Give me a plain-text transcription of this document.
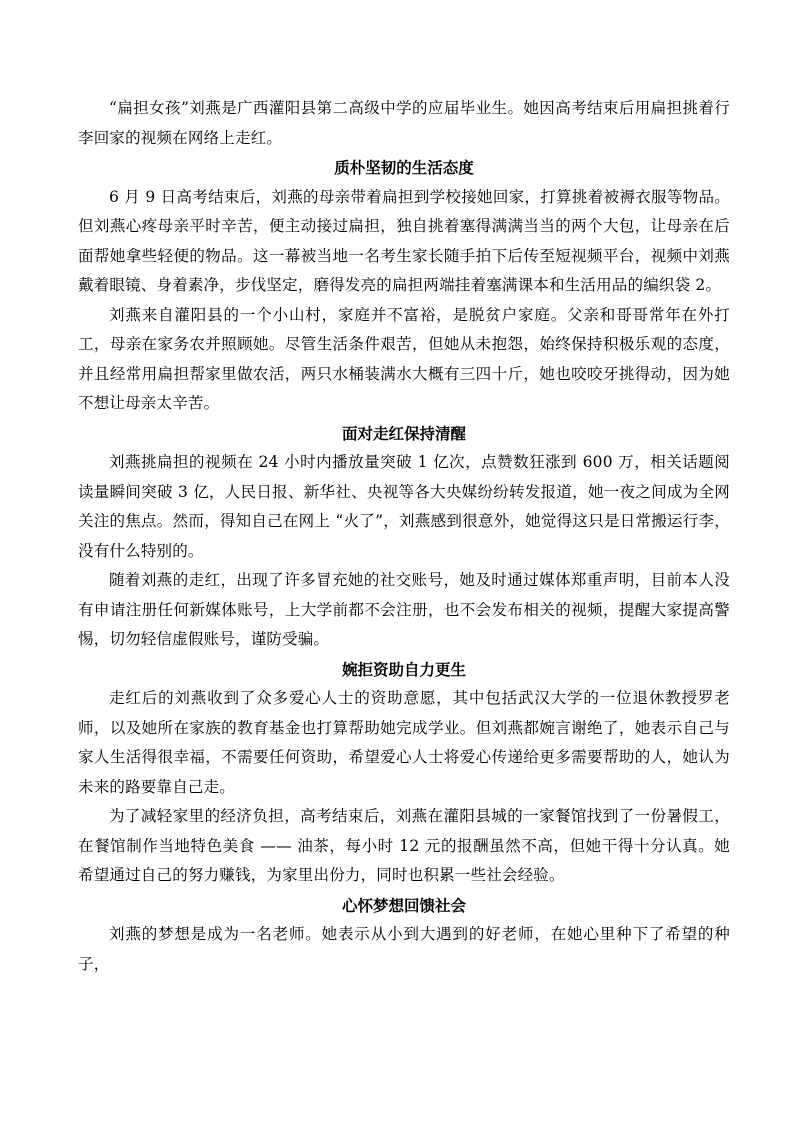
“扁担女孩”刘燕是广西灌阳县第二高级中学的应届毕业生。她因高考结束后用扁担挑着行李回家的视频在网络上走红。

质朴坚韧的生活态度

6 月 9 日高考结束后，刘燕的母亲带着扁担到学校接她回家，打算挑着被褥衣服等物品。但刘燕心疼母亲平时辛苦，便主动接过扁担，独自挑着塞得满满当当的两个大包，让母亲在后面帮她拿些轻便的物品。这一幕被当地一名考生家长随手拍下后传至短视频平台，视频中刘燕戴着眼镜、身着素净，步伐坚定，磨得发亮的扁担两端挂着塞满课本和生活用品的编织袋 2。

刘燕来自灌阳县的一个小山村，家庭并不富裕，是脱贫户家庭。父亲和哥哥常年在外打工，母亲在家务农并照顾她。尽管生活条件艰苦，但她从未抱怨，始终保持积极乐观的态度，并且经常用扁担帮家里做农活，两只水桶装满水大概有三四十斤，她也咬咬牙挑得动，因为她不想让母亲太辛苦。

面对走红保持清醒

刘燕挑扁担的视频在 24 小时内播放量突破 1 亿次，点赞数狂涨到 600 万，相关话题阅读量瞬间突破 3 亿，人民日报、新华社、央视等各大央媒纷纷转发报道，她一夜之间成为全网关注的焦点。然而，得知自己在网上 “火了”，刘燕感到很意外，她觉得这只是日常搬运行李，没有什么特别的。

随着刘燕的走红，出现了许多冒充她的社交账号，她及时通过媒体郑重声明，目前本人没有申请注册任何新媒体账号，上大学前都不会注册，也不会发布相关的视频，提醒大家提高警惕，切勿轻信虚假账号，谨防受骗。

婉拒资助自力更生

走红后的刘燕收到了众多爱心人士的资助意愿，其中包括武汉大学的一位退休教授罗老师，以及她所在家族的教育基金也打算帮助她完成学业。但刘燕都婉言谢绝了，她表示自己与家人生活得很幸福，不需要任何资助，希望爱心人士将爱心传递给更多需要帮助的人，她认为未来的路要靠自己走。

为了减轻家里的经济负担，高考结束后，刘燕在灌阳县城的一家餐馆找到了一份暑假工，在餐馆制作当地特色美食 —— 油茶，每小时 12 元的报酬虽然不高，但她干得十分认真。她希望通过自己的努力赚钱，为家里出份力，同时也积累一些社会经验。

心怀梦想回馈社会

刘燕的梦想是成为一名老师。她表示从小到大遇到的好老师，在她心里种下了希望的种子，
